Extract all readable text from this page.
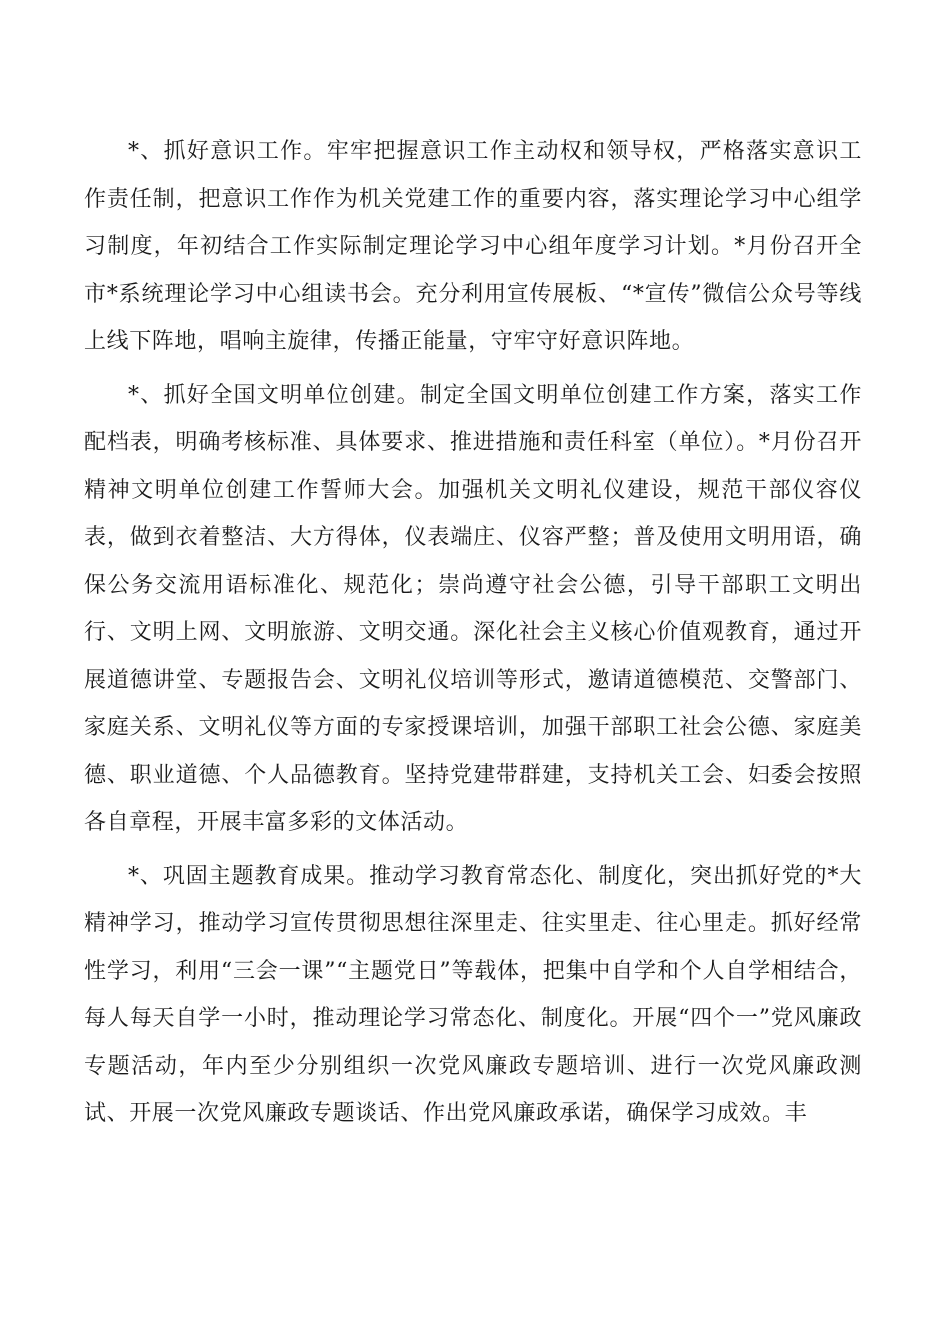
*、抓好意识工作。牢牢把握意识工作主动权和领导权，严格落实意识工作责任制，把意识工作作为机关党建工作的重要内容，落实理论学习中心组学习制度，年初结合工作实际制定理论学习中心组年度学习计划。*月份召开全市*系统理论学习中心组读书会。充分利用宣传展板、“*宣传”微信公众号等线上线下阵地，唱响主旋律，传播正能量，守牢守好意识阵地。

*、抓好全国文明单位创建。制定全国文明单位创建工作方案，落实工作配档表，明确考核标准、具体要求、推进措施和责任科室（单位）。*月份召开精神文明单位创建工作誓师大会。加强机关文明礼仪建设，规范干部仪容仪表，做到衣着整洁、大方得体，仪表端庄、仪容严整；普及使用文明用语，确保公务交流用语标准化、规范化；崇尚遵守社会公德，引导干部职工文明出行、文明上网、文明旅游、文明交通。深化社会主义核心价值观教育，通过开展道德讲堂、专题报告会、文明礼仪培训等形式，邀请道德模范、交警部门、家庭关系、文明礼仪等方面的专家授课培训，加强干部职工社会公德、家庭美德、职业道德、个人品德教育。坚持党建带群建，支持机关工会、妇委会按照各自章程，开展丰富多彩的文体活动。

*、巩固主题教育成果。推动学习教育常态化、制度化，突出抓好党的*大精神学习，推动学习宣传贯彻思想往深里走、往实里走、往心里走。抓好经常性学习，利用“三会一课”“主题党日”等载体，把集中自学和个人自学相结合，每人每天自学一小时，推动理论学习常态化、制度化。开展“四个一”党风廉政专题活动，年内至少分别组织一次党风廉政专题培训、进行一次党风廉政测试、开展一次党风廉政专题谈话、作出党风廉政承诺，确保学习成效。丰
